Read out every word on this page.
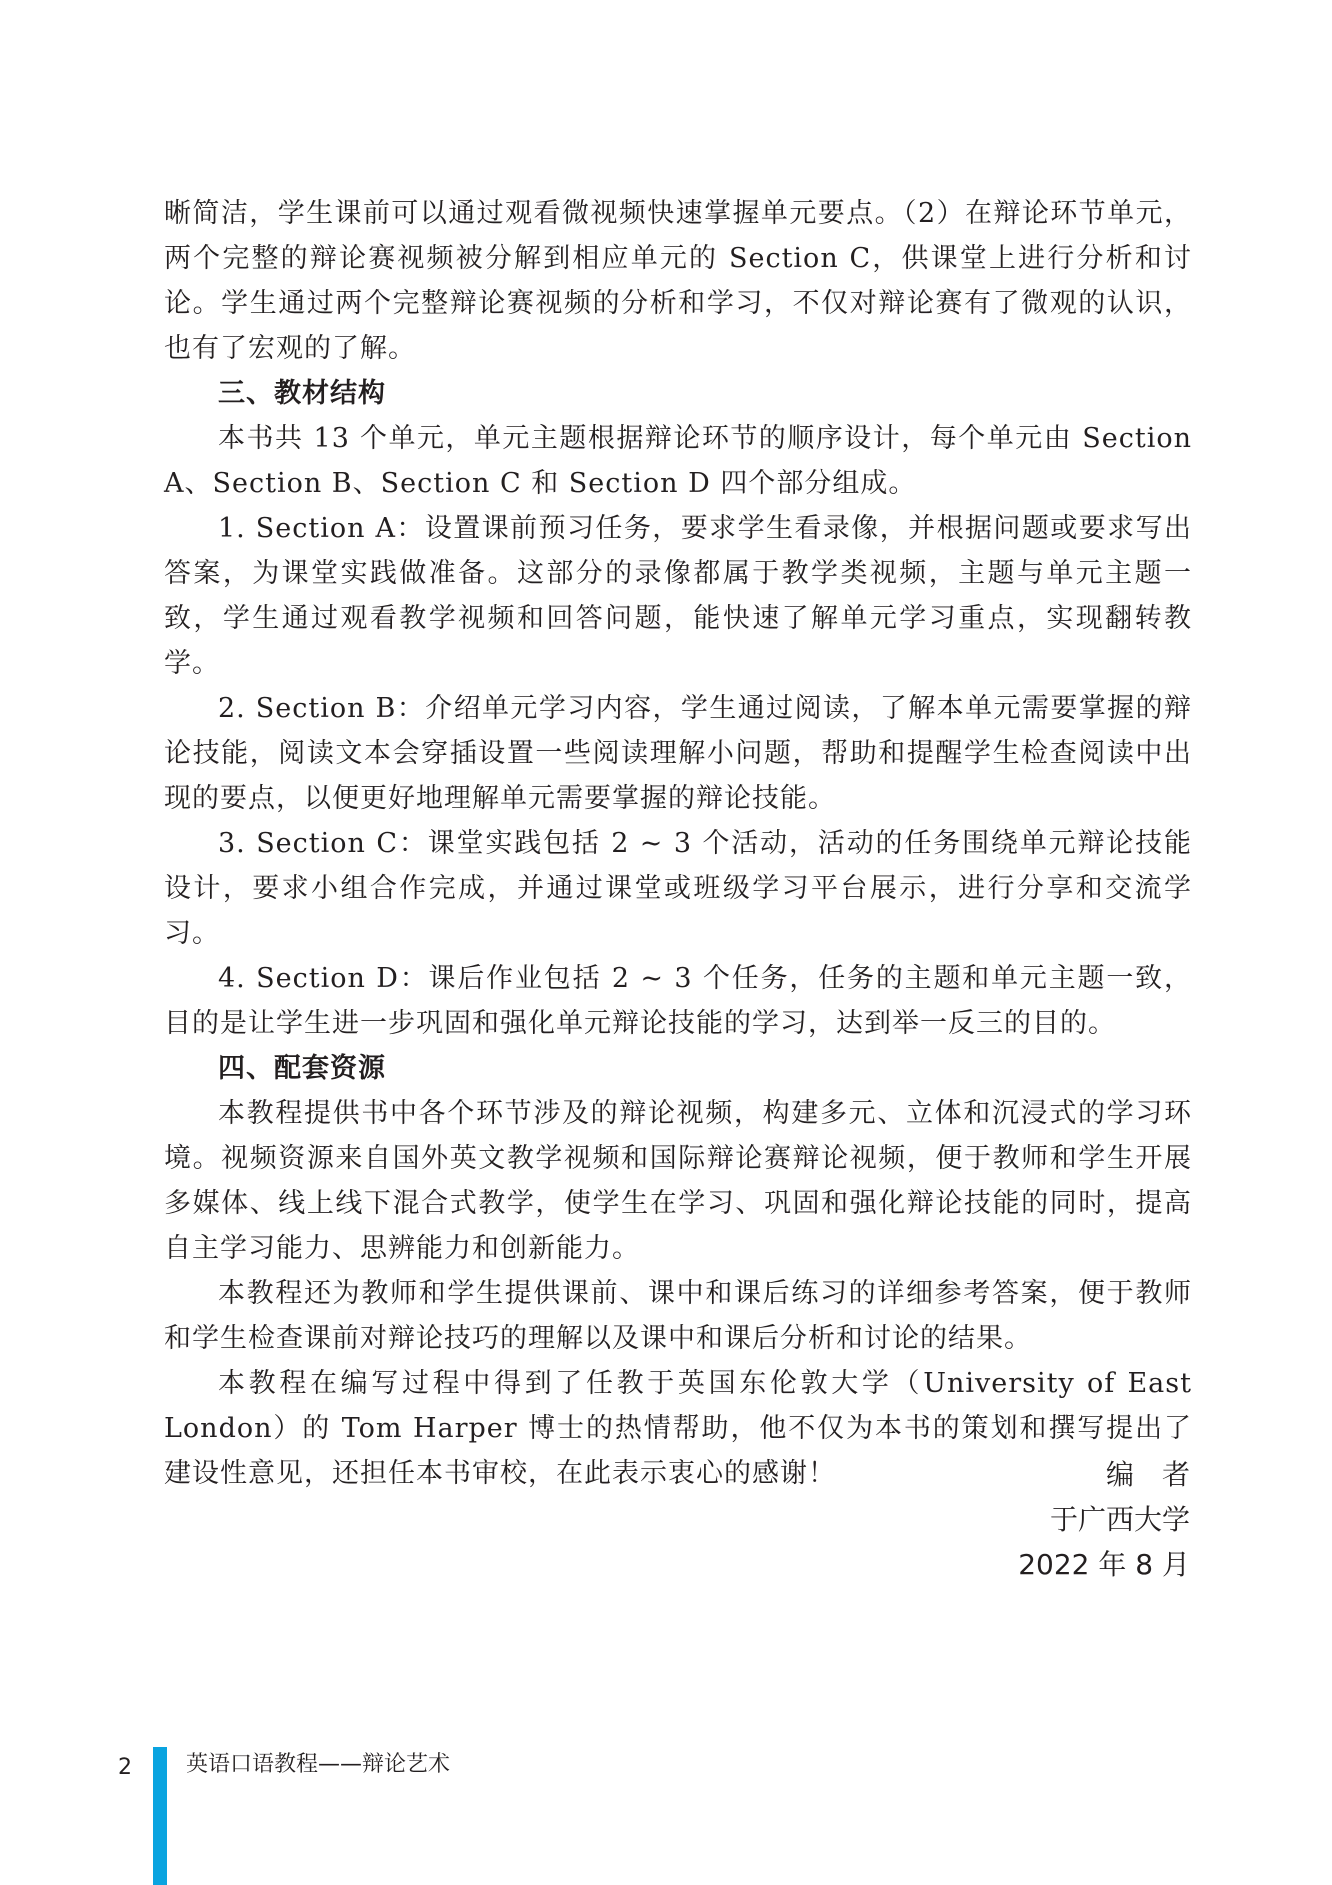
晰简洁，学生课前可以通过观看微视频快速掌握单元要点。（2）在辩论环节单元，两个完整的辩论赛视频被分解到相应单元的 Section C，供课堂上进行分析和讨论。学生通过两个完整辩论赛视频的分析和学习，不仅对辩论赛有了微观的认识，也有了宏观的了解。

三、教材结构

本书共 13 个单元，单元主题根据辩论环节的顺序设计，每个单元由 Section A、Section B、Section C 和 Section D 四个部分组成。

1. Section A：设置课前预习任务，要求学生看录像，并根据问题或要求写出答案，为课堂实践做准备。这部分的录像都属于教学类视频，主题与单元主题一致，学生通过观看教学视频和回答问题，能快速了解单元学习重点，实现翻转教学。

2. Section B：介绍单元学习内容，学生通过阅读，了解本单元需要掌握的辩论技能，阅读文本会穿插设置一些阅读理解小问题，帮助和提醒学生检查阅读中出现的要点，以便更好地理解单元需要掌握的辩论技能。

3. Section C：课堂实践包括 2 ~ 3 个活动，活动的任务围绕单元辩论技能设计，要求小组合作完成，并通过课堂或班级学习平台展示，进行分享和交流学习。

4. Section D：课后作业包括 2 ~ 3 个任务，任务的主题和单元主题一致，目的是让学生进一步巩固和强化单元辩论技能的学习，达到举一反三的目的。

四、配套资源

本教程提供书中各个环节涉及的辩论视频，构建多元、立体和沉浸式的学习环境。视频资源来自国外英文教学视频和国际辩论赛辩论视频，便于教师和学生开展多媒体、线上线下混合式教学，使学生在学习、巩固和强化辩论技能的同时，提高自主学习能力、思辨能力和创新能力。

本教程还为教师和学生提供课前、课中和课后练习的详细参考答案，便于教师和学生检查课前对辩论技巧的理解以及课中和课后分析和讨论的结果。

本教程在编写过程中得到了任教于英国东伦敦大学（University of East London）的 Tom Harper 博士的热情帮助，他不仅为本书的策划和撰写提出了建设性意见，还担任本书审校，在此表示衷心的感谢！	编　者
于广西大学
2022 年 8 月
2 英语口语教程——辩论艺术
